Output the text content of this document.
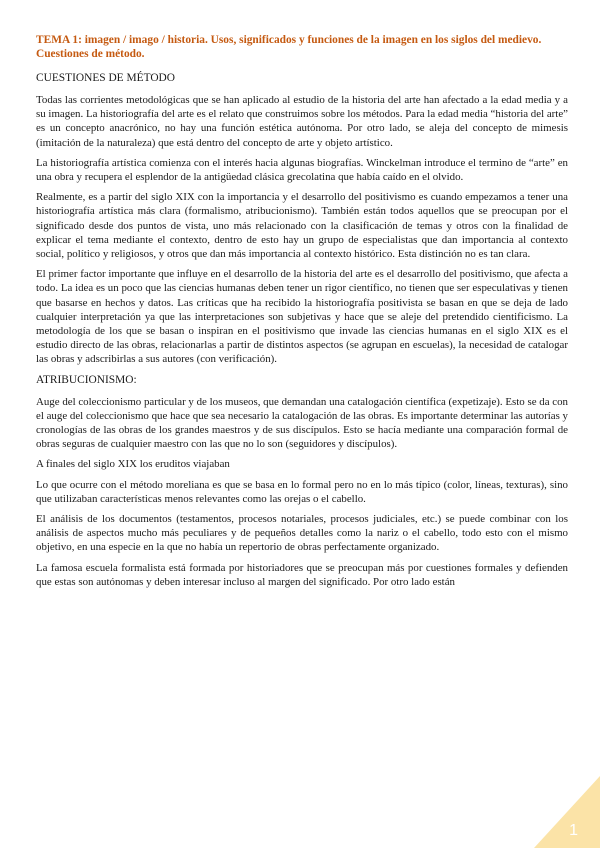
TEMA 1: imagen / imago / historia. Usos, significados y funciones de la imagen en los siglos del medievo. Cuestiones de método.
CUESTIONES DE MÉTODO

Todas las corrientes metodológicas que se han aplicado al estudio de la historia del arte han afectado a la edad media y a su imagen. La historiografía del arte es el relato que construimos sobre los métodos. Para la edad media “historia del arte” es un concepto anacrónico, no hay una función estética autónoma. Por otro lado, se aleja del concepto de mimesis (imitación de la naturaleza) que está dentro del concepto de arte y objeto artístico.

La historiografía artística comienza con el interés hacia algunas biografías. Winckelman introduce el termino de “arte” en una obra y recupera el esplendor de la antigüedad clásica grecolatina que había caído en el olvido.

Realmente, es a partir del siglo XIX con la importancia y el desarrollo del positivismo es cuando empezamos a tener una historiografía artística más clara (formalismo, atribucionismo). También están todos aquellos que se preocupan por el significado desde dos puntos de vista, uno más relacionado con la clasificación de temas y otros con la finalidad de explicar el tema mediante el contexto, dentro de esto hay un grupo de especialistas que dan importancia al contexto social, político y religiosos, y otros que dan más importancia al contexto histórico. Esta distinción no es tan clara.

El primer factor importante que influye en el desarrollo de la historia del arte es el desarrollo del positivismo, que afecta a todo. La idea es un poco que las ciencias humanas deben tener un rigor científico, no tienen que ser especulativas y tienen que basarse en hechos y datos. Las críticas que ha recibido la historiografía positivista se basan en que se deja de lado cualquier interpretación ya que las interpretaciones son subjetivas y hace que se aleje del pretendido cientificismo. La metodología de los que se basan o inspiran en el positivismo que invade las ciencias humanas en el siglo XIX es el estudio directo de las obras, relacionarlas a partir de distintos aspectos (se agrupan en escuelas), la necesidad de catalogar las obras y adscribirlas a sus autores (con verificación).

ATRIBUCIONISMO:

Auge del coleccionismo particular y de los museos, que demandan una catalogación científica (expetizaje). Esto se da con el auge del coleccionismo que hace que sea necesario la catalogación de las obras. Es importante determinar las autorías y cronologías de las obras de los grandes maestros y de sus discípulos. Esto se hacía mediante una comparación formal de obras seguras de cualquier maestro con las que no lo son (seguidores y discípulos).

A finales del siglo XIX los eruditos viajaban

Lo que ocurre con el método moreliana es que se basa en lo formal pero no en lo más típico (color, líneas, texturas), sino que utilizaban características menos relevantes como las orejas o el cabello.

El análisis de los documentos (testamentos, procesos notariales, procesos judiciales, etc.) se puede combinar con los análisis de aspectos mucho más peculiares y de pequeños detalles como la nariz o el cabello, todo esto con el mismo objetivo, en una especie en la que no había un repertorio de obras perfectamente organizado.

La famosa escuela formalista está formada por historiadores que se preocupan más por cuestiones formales y defienden que estas son autónomas y deben interesar incluso al margen del significado. Por otro lado están

1
